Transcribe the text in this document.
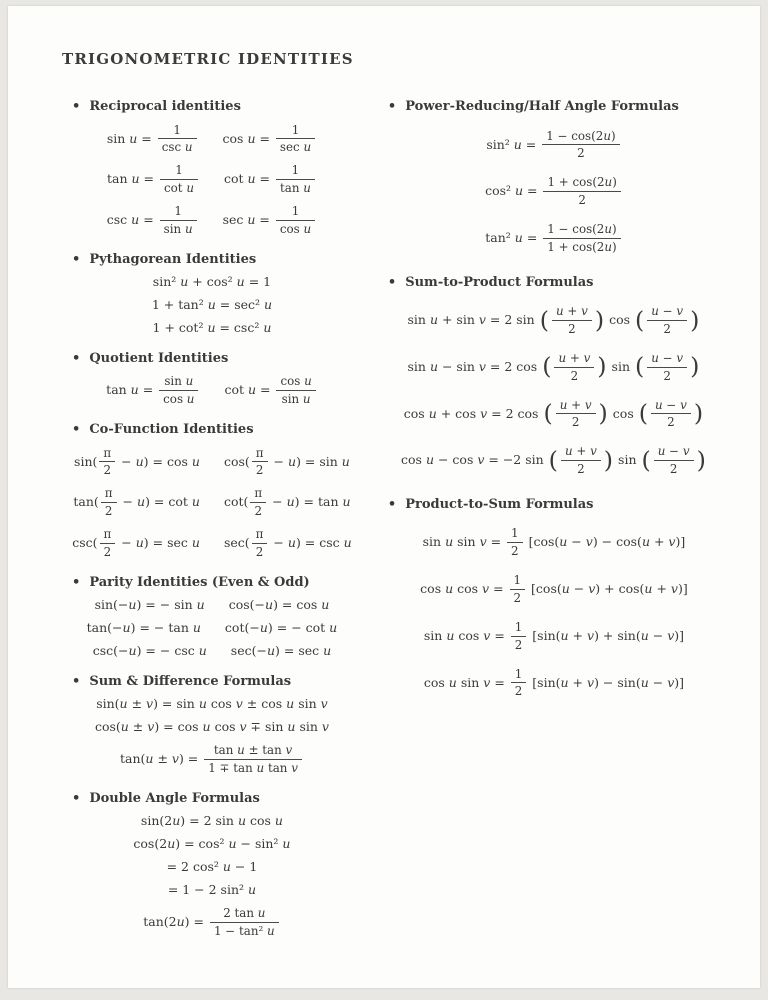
TRIGONOMETRIC IDENTITIES
• Reciprocal identities
$\sin u = \frac{1}{\text{csc u}}$ $\cos u = \frac{1}{\text{sec u}}$
$\tan u = \frac{1}{\text{cot u}}$ $\cot u = \frac{1}{\text{tan u}}$
$\csc u = \frac{1}{\text{sin u}}$ $\sec u = \frac{1}{\text{cos u}}$
• Pythagorean Identities
sin² u + cos² u = 1
1 + tan² u = sec² u
1 + cot² u = csc² u
• Quotient Identities
$\tan u = \frac{\text{sin u}}{\text{cos u}}$ $\cot u = \frac{\text{cos u}}{\text{sin u}}$
• Co-Function Identities
$\sin( \frac{\pi}{2} - u) = \cos u$ $\cos( \frac{\pi}{2} - u) = \sin u$
$\tan( \frac{\pi}{2} - u) = \cot u$ $\cot( \frac{\pi}{2} - u) = \tan u$
$\csc( \frac{\pi}{2} - u) = \sec u$ $\sec( \frac{\pi}{2} - u) = \csc u$
• Parity Identities (Even & Odd)
sin(−u) = − sin u cos(−u) = cos u
tan(−u) = − tan u cot(−u) = − cot u
csc(−u) = − csc u sec(−u) = sec u
• Sum & Difference Formulas
sin(u ± v) = sin u cos v ± cos u sin v
cos(u ± v) = cos u cos v ∓ sin u sin v
$\tan(u \pm v) = \frac{\text{tan u ± tan v}}{\text{1 ∓ tan u tan v}}$
• Double Angle Formulas
sin(2u) = 2 sin u cos u
cos(2u) = cos² u − sin² u
= 2 cos² u − 1
= 1 − 2 sin² u
$\tan(2u) = \frac{\text{2 tan u}}{\text{1 − tan² u}}$
• Power-Reducing/Half Angle Formulas
sin² $u = \frac{1 - \cos(2u)}{2}$
cos² $u = \frac{1 + \cos(2u)}{2}$
tan² $u = \frac{1 - \cos(2u)}{1 + \cos(2u)}$
• Sum-to-Product Formulas
sin u + sin v = 2 sin ( $\frac{u + v}{2}$ ) cos ( $\frac{u - v}{2}$ )
sin u − sin v = 2 cos ( $\frac{u + v}{2}$ ) sin ( $\frac{u - v}{2}$ )
cos u + cos v = 2 cos ( $\frac{u + v}{2}$ ) cos ( $\frac{u - v}{2}$ )
cos u − cos v = −2 sin ( $\frac{u + v}{2}$ ) sin ( $\frac{u - v}{2}$ )
• Product-to-Sum Formulas
sin u $\sin v = \frac{1}{2} [\cos(u - v) - \cos(u + v)]$
cos u $\cos v = \frac{1}{2} [\cos(u - v) + \cos(u + v)]$
sin u $\cos v = \frac{1}{2} [\sin(u + v) + \sin(u - v)]$
cos u $\sin v = \frac{1}{2} [\sin(u + v) - \sin(u - v)]$
